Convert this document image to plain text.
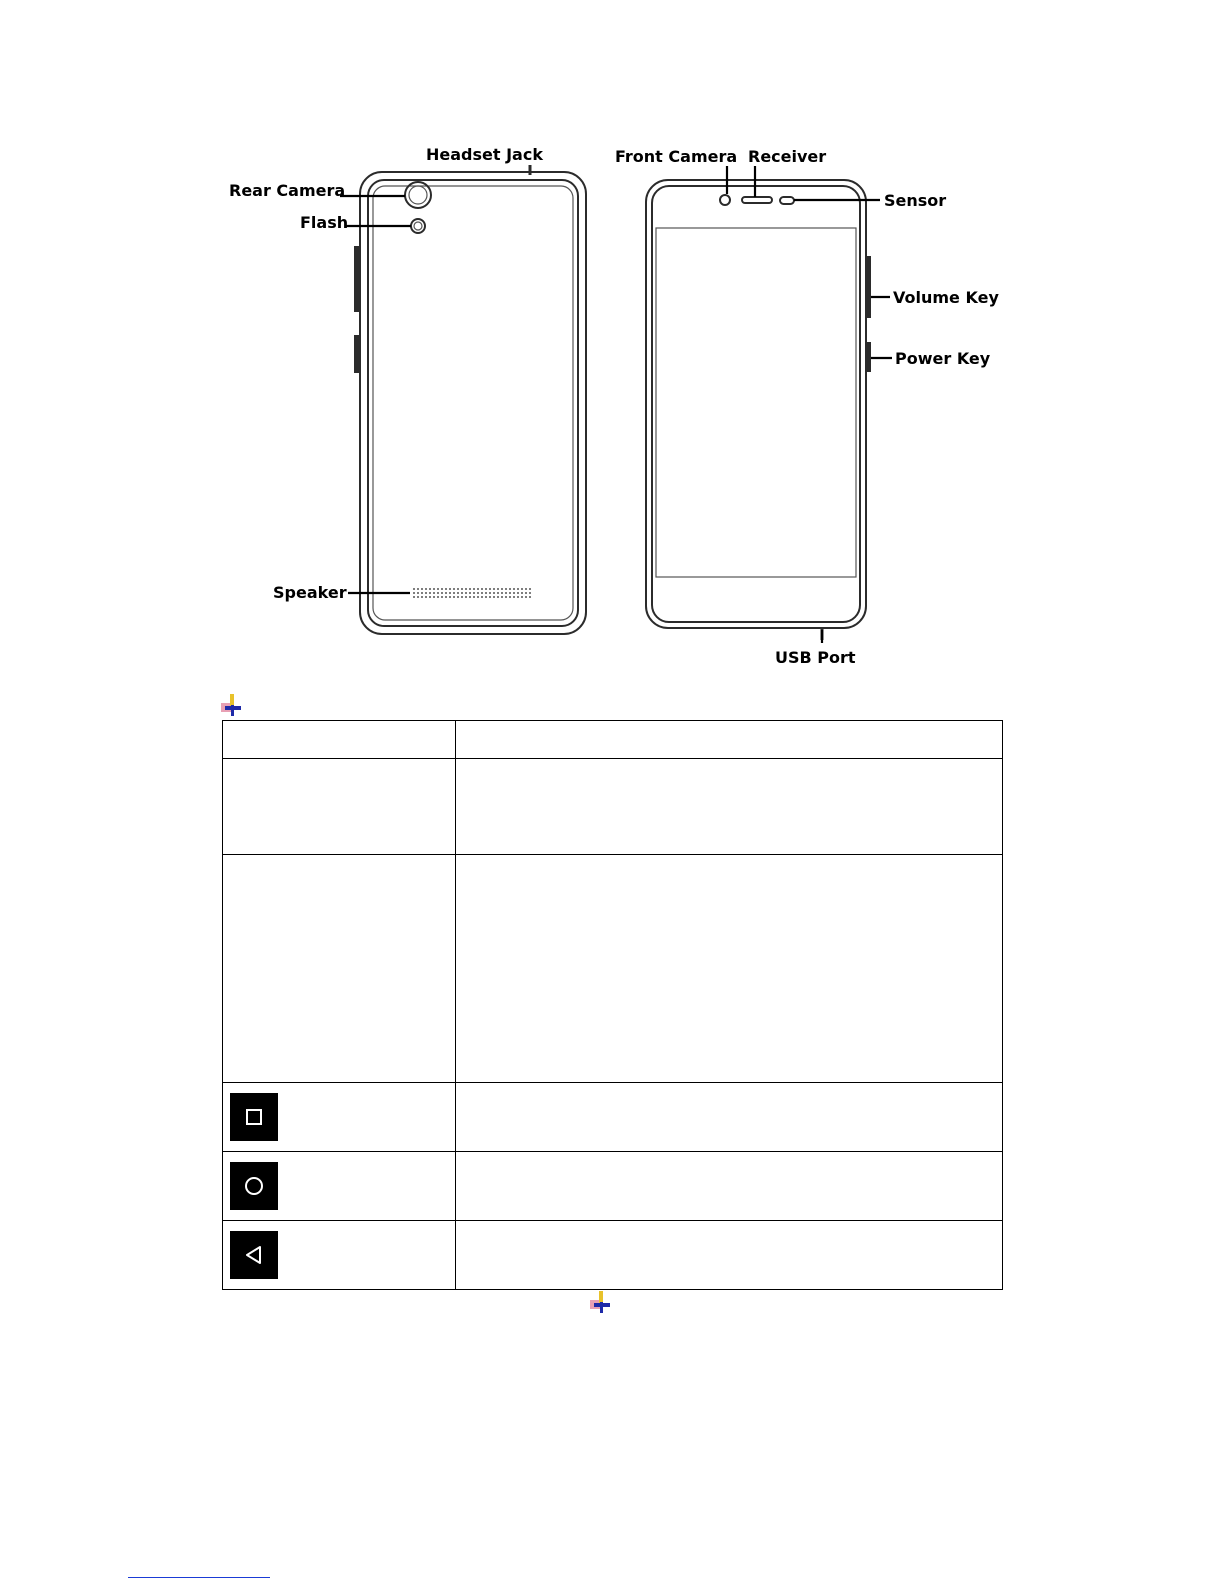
Headset Jack
Rear Camera
Flash
Speaker
Front Camera Receiver
Sensor
Volume Key
Power Key
USB Port
